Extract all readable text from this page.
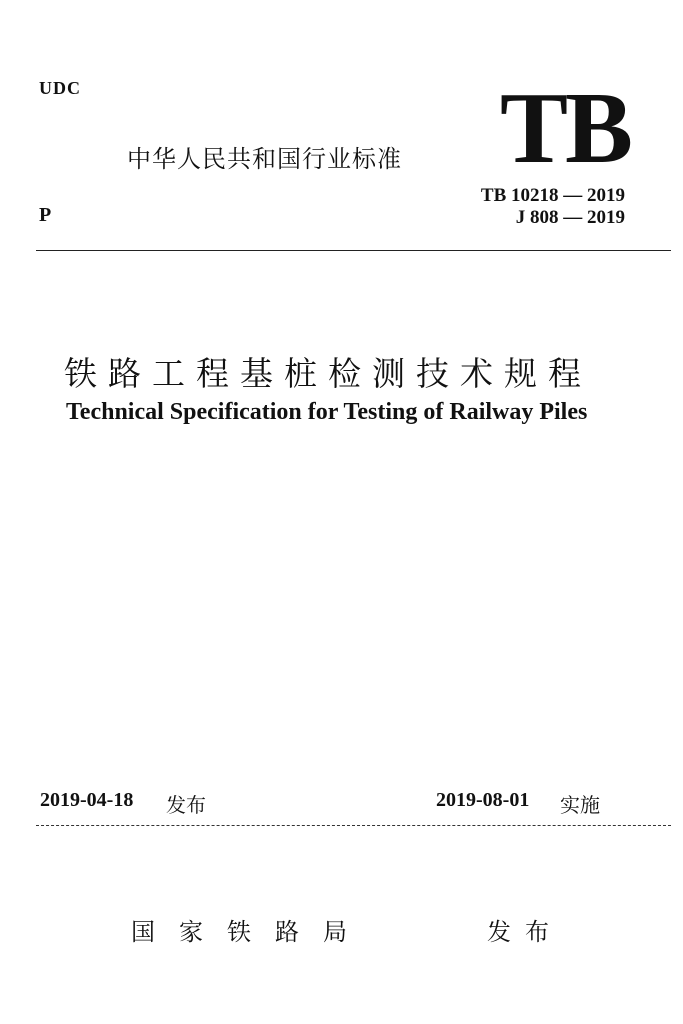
UDC
中华人民共和国行业标准 TB
P
TB 10218 — 2019
J 808 — 2019
铁路工程基桩检测技术规程
Technical Specification for Testing of Railway Piles
2019-04-18 发布	2019-08-01 实施
国家铁路局	发布
